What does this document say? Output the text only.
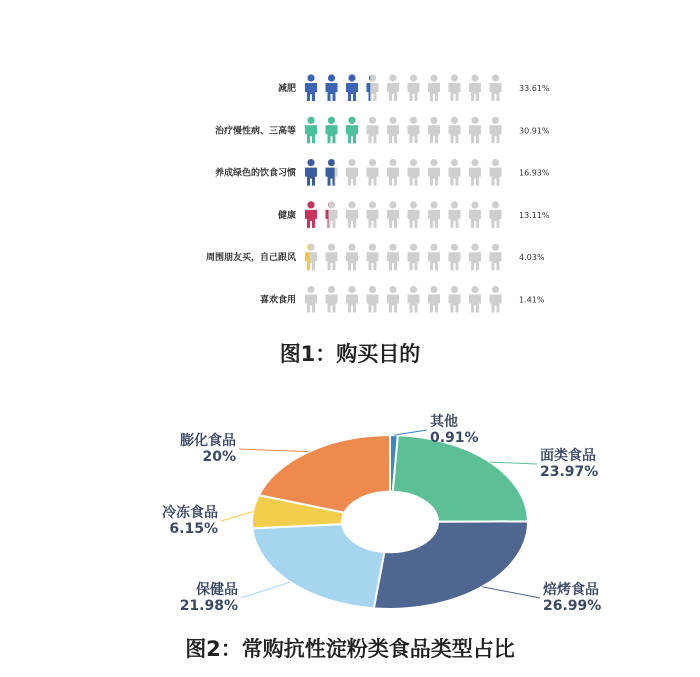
减肥	33.61%
治疗慢性病、三高等	30.91%
养成绿色的饮食习惯	16.93%
健康	13.11%
周围朋友买，自己跟风	4.03%
喜欢食用	1.41%
图1：购买目的
其他
0.91%
面类食品
23.97%
焙烤食品
26.99%
保健品
21.98%
冷冻食品
6.15%
膨化食品
20%
图2：常购抗性淀粉类食品类型占比
